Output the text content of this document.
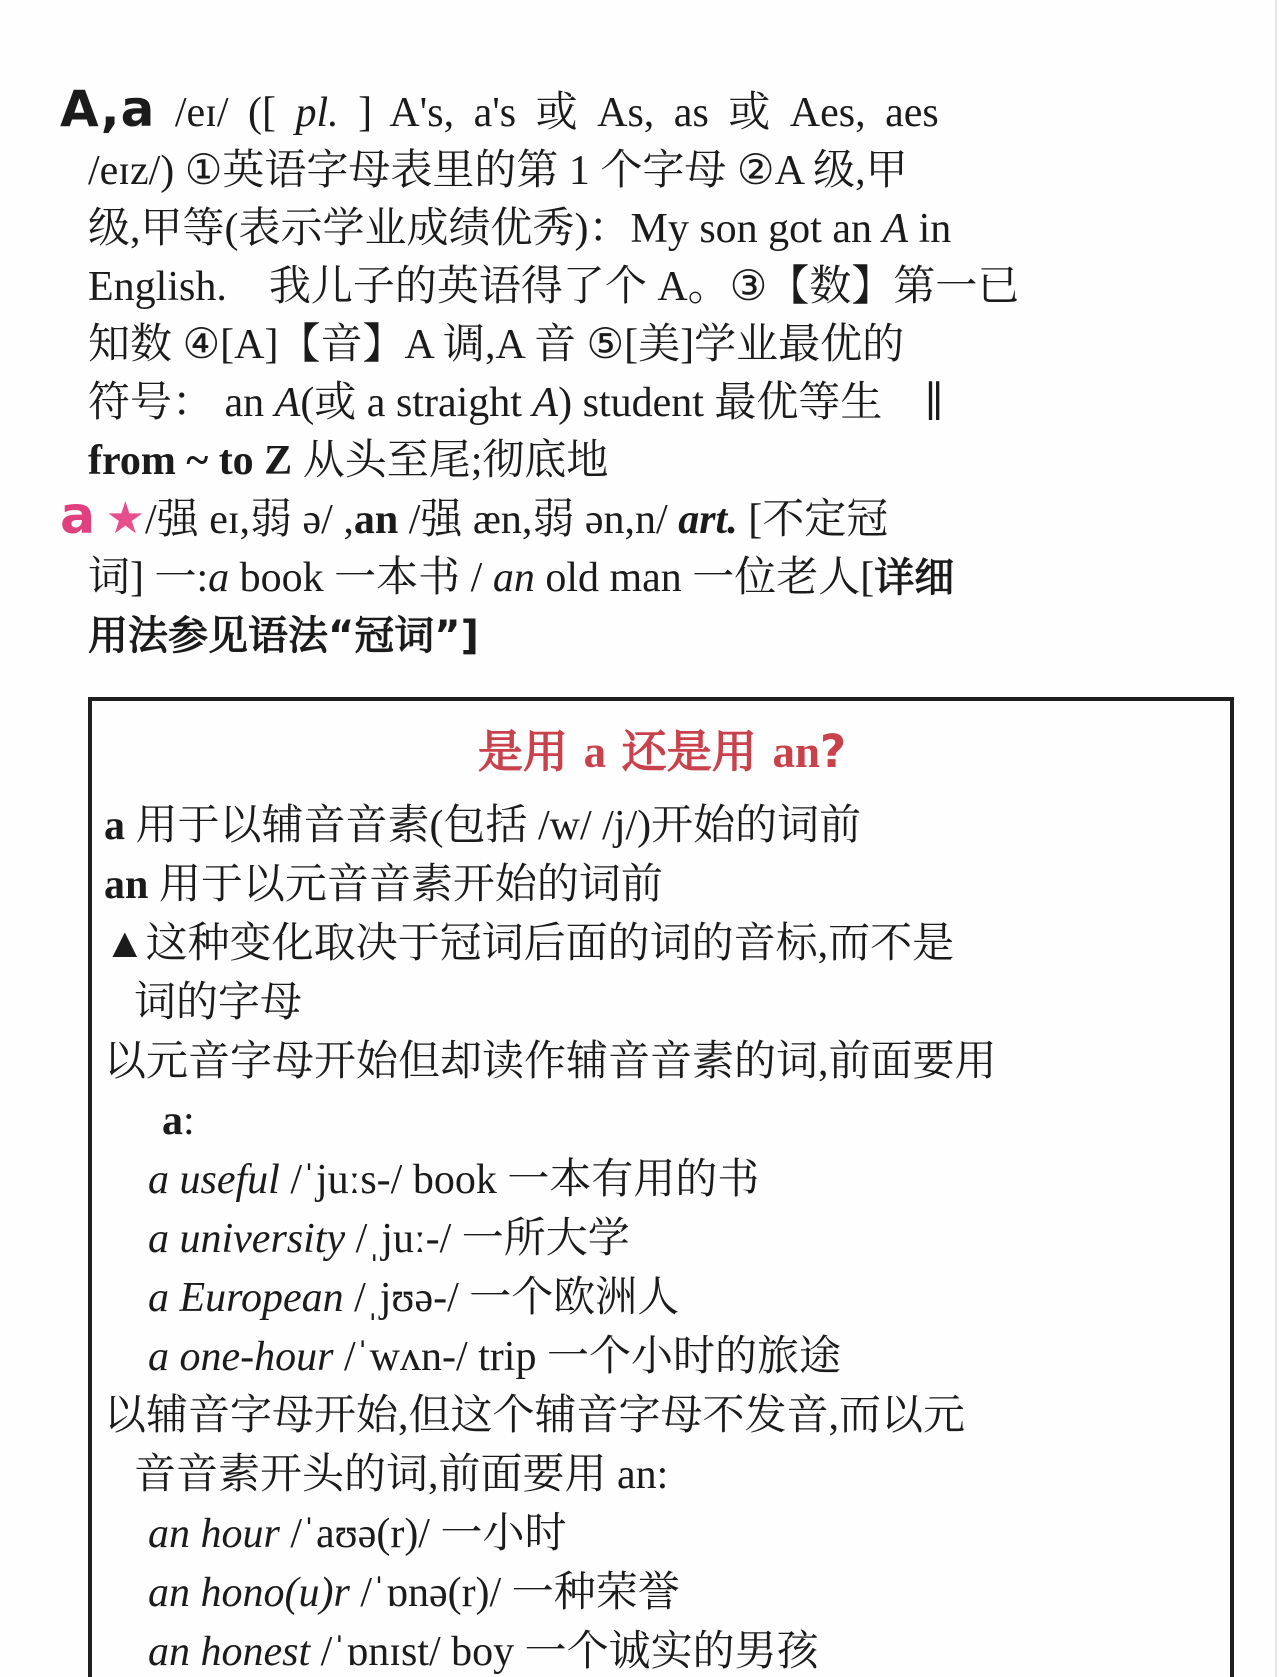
A,a /eɪ/ ([ pl. ] A's, a's 或 As, as 或 Aes, aes
/eɪz/) ①英语字母表里的第 1 个字母 ②A 级,甲
级,甲等(表示学业成绩优秀)：My son got an A in
English.　我儿子的英语得了个 A。③【数】第一已
知数 ④[A]【音】A 调,A 音 ⑤[美]学业最优的
符号： an A(或 a straight A) student 最优等生　∥
from ~ to Z 从头至尾;彻底地
a ★/强 eɪ,弱 ə/ ,an /强 æn,弱 ən,n/ art. [不定冠
词] 一:a book 一本书 / an old man 一位老人[详细
用法参见语法“冠词”]
是用 a 还是用 an?
a 用于以辅音音素(包括 /w/ /j/)开始的词前
an 用于以元音音素开始的词前
▲这种变化取决于冠词后面的词的音标,而不是
词的字母
以元音字母开始但却读作辅音音素的词,前面要用
a:
a useful /ˈjuːs-/ book 一本有用的书
a university /ˌjuː-/ 一所大学
a European /ˌjʊə-/ 一个欧洲人
a one-hour /ˈwʌn-/ trip 一个小时的旅途
以辅音字母开始,但这个辅音字母不发音,而以元
音音素开头的词,前面要用 an:
an hour /ˈaʊə(r)/ 一小时
an hono(u)r /ˈɒnə(r)/ 一种荣誉
an honest /ˈɒnɪst/ boy 一个诚实的男孩
